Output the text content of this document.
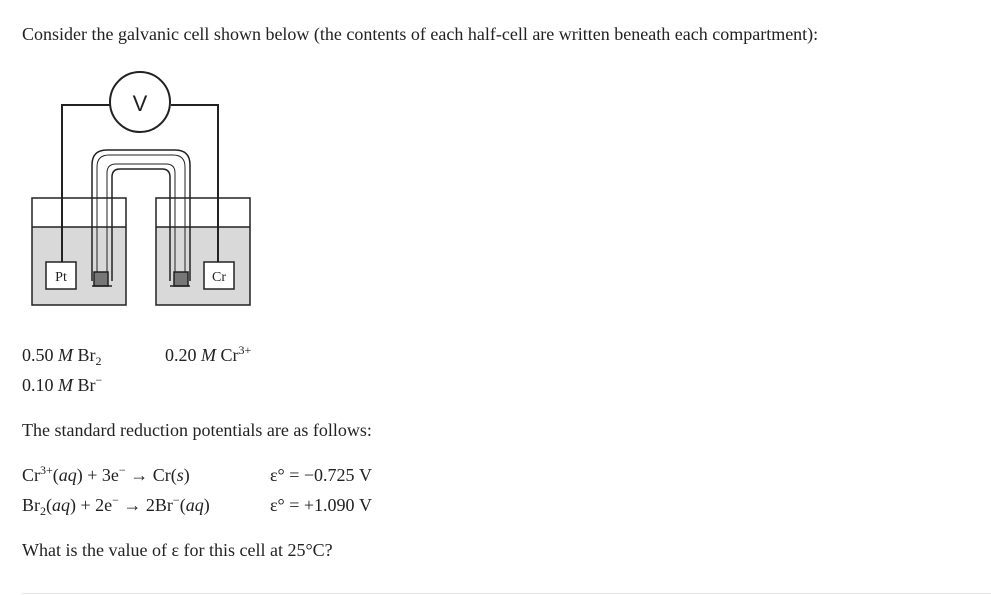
Consider the galvanic cell shown below (the contents of each half-cell are written beneath each compartment):
V
Pt	Cr
0.50 M $Br_2$	0.20 M $Cr^{3+}$
0.10 M Br−
The standard reduction potentials are as follows:
$Cr^{3+}(aq) + 3e^- \to Cr(s)$	ε° = −0.725 V
$Br_2(aq) + 2e^- \to 2Br^-(aq)$	ε° = +1.090 V
What is the value of ε for this cell at 25°C?
